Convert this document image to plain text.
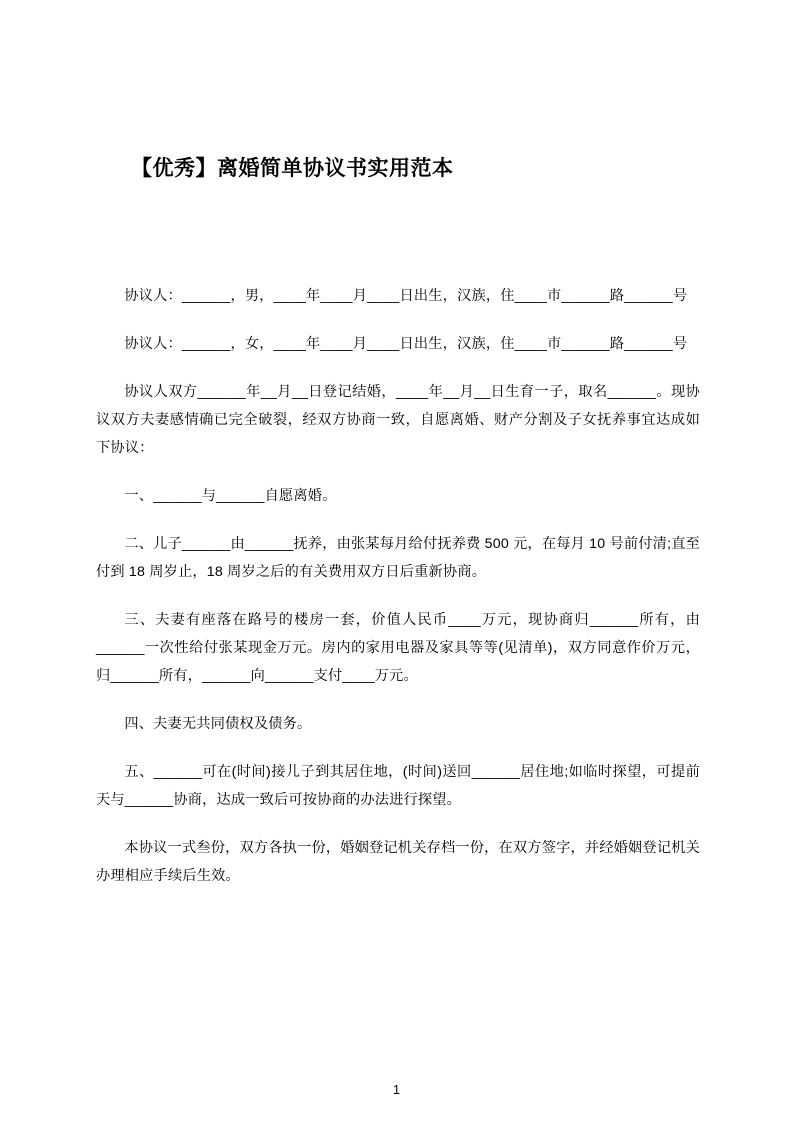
【优秀】离婚简单协议书实用范本

协议人：______，男，____年____月____日出生，汉族，住____市______路______号

协议人：______，女，____年____月____日出生，汉族，住____市______路______号

协议人双方______年__月__日登记结婚，____年__月__日生育一子，取名______。现协议双方夫妻感情确已完全破裂，经双方协商一致，自愿离婚、财产分割及子女抚养事宜达成如下协议：

一、______与______自愿离婚。

二、儿子______由______抚养，由张某每月给付抚养费 500 元，在每月 10 号前付清;直至付到 18 周岁止，18 周岁之后的有关费用双方日后重新协商。

三、夫妻有座落在路号的楼房一套，价值人民币____万元，现协商归______所有，由______一次性给付张某现金万元。房内的家用电器及家具等等(见清单)，双方同意作价万元，归______所有，______向______支付____万元。

四、夫妻无共同债权及债务。

五、______可在(时间)接儿子到其居住地，(时间)送回______居住地;如临时探望，可提前天与______协商，达成一致后可按协商的办法进行探望。

本协议一式叁份，双方各执一份，婚姻登记机关存档一份，在双方签字，并经婚姻登记机关办理相应手续后生效。

1
